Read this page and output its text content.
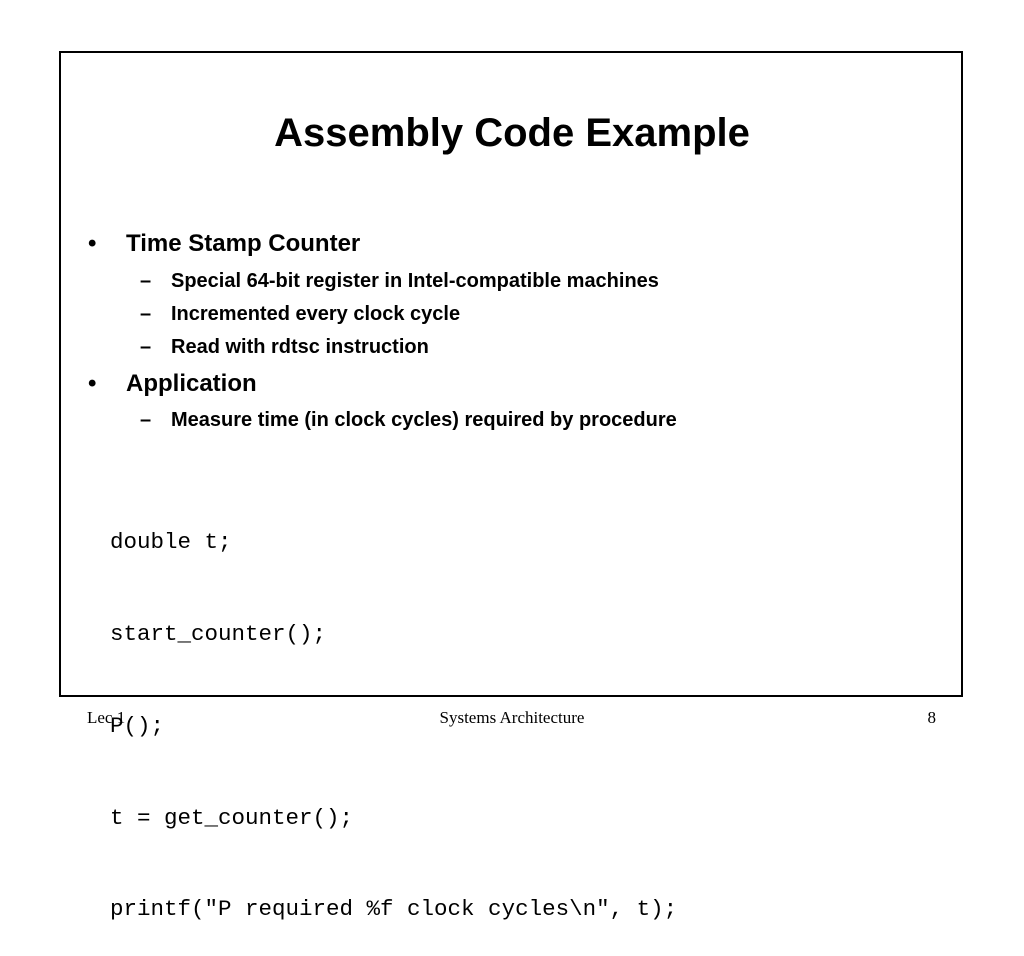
Assembly Code Example
• Time Stamp Counter
– Special 64-bit register in Intel-compatible machines
– Incremented every clock cycle
– Read with rdtsc instruction
• Application
– Measure time (in clock cycles) required by procedure

double t;

start_counter();

P();

t = get_counter();

printf(″P required %f clock cycles\n″, t);

Lec 1	Systems Architecture	8
